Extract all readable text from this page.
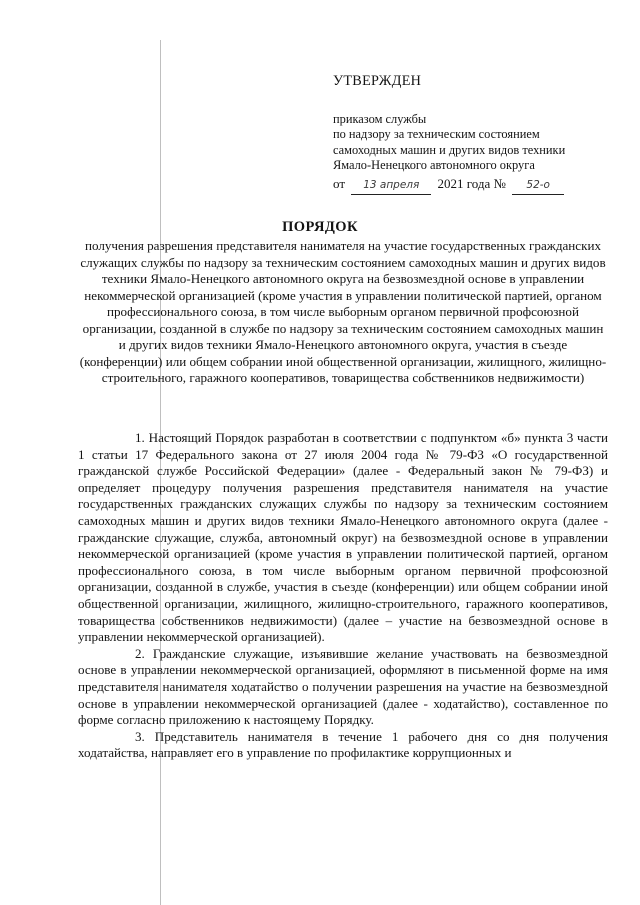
УТВЕРЖДЕН
приказом службы
по надзору за техническим состоянием
самоходных машин и других видов техники
Ямало-Ненецкого автономного округа
от 13 апреля 2021 года № 52-о
ПОРЯДОК
получения разрешения представителя нанимателя на участие государственных гражданских служащих службы по надзору за техническим состоянием самоходных машин и других видов техники Ямало-Ненецкого автономного округа на безвозмездной основе в управлении некоммерческой организацией (кроме участия в управлении политической партией, органом профессионального союза, в том числе выборным органом первичной профсоюзной организации, созданной в службе по надзору за техническим состоянием самоходных машин и других видов техники Ямало-Ненецкого автономного округа, участия в съезде (конференции) или общем собрании иной общественной организации, жилищного, жилищно-строительного, гаражного кооперативов, товарищества собственников недвижимости)

1. Настоящий Порядок разработан в соответствии с подпунктом «б» пункта 3 части 1 статьи 17 Федерального закона от 27 июля 2004 года № 79-ФЗ «О государственной гражданской службе Российской Федерации» (далее - Федеральный закон № 79-ФЗ) и определяет процедуру получения разрешения представителя нанимателя на участие государственных гражданских служащих службы по надзору за техническим состоянием самоходных машин и других видов техники Ямало-Ненецкого автономного округа (далее - гражданские служащие, служба, автономный округ) на безвозмездной основе в управлении некоммерческой организацией (кроме участия в управлении политической партией, органом профессионального союза, в том числе выборным органом первичной профсоюзной организации, созданной в службе, участия в съезде (конференции) или общем собрании иной общественной организации, жилищного, жилищно-строительного, гаражного кооперативов, товарищества собственников недвижимости) (далее – участие на безвозмездной основе в управлении некоммерческой организацией).

2. Гражданские служащие, изъявившие желание участвовать на безвозмездной основе в управлении некоммерческой организацией, оформляют в письменной форме на имя представителя нанимателя ходатайство о получении разрешения на участие на безвозмездной основе в управлении некоммерческой организацией (далее - ходатайство), составленное по форме согласно приложению к настоящему Порядку.

3. Представитель нанимателя в течение 1 рабочего дня со дня получения ходатайства, направляет его в управление по профилактике коррупционных и
